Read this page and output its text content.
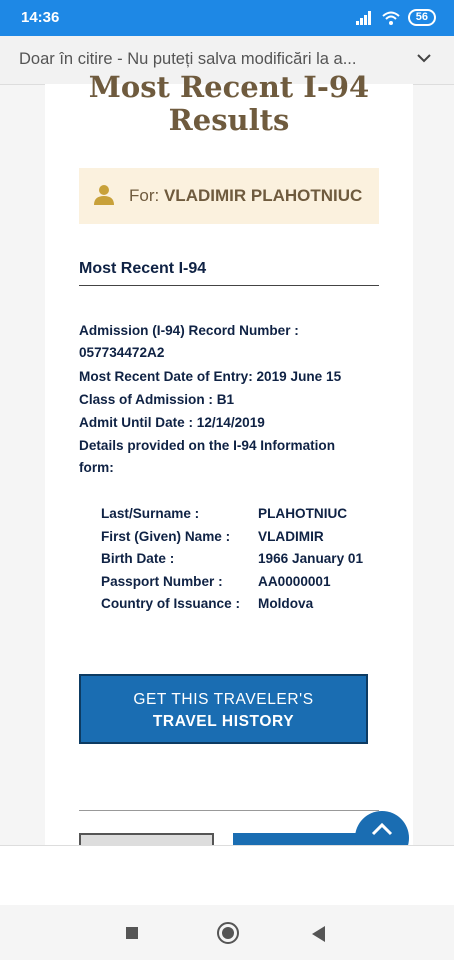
14:36	56
Doar în citire - Nu puteți salva modificări la a...
Most Recent I-94
Results
For: VLADIMIR PLAHOTNIUC
Most Recent I-94
Admission (I-94) Record Number :
057734472A2
Most Recent Date of Entry: 2019 June 15
Class of Admission : B1
Admit Until Date : 12/14/2019
Details provided on the I-94 Information
form:
Last/Surname :	PLAHOTNIUC
First (Given) Name :	VLADIMIR
Birth Date :	1966 January 01
Passport Number :	AA0000001
Country of Issuance :	Moldova
GET THIS TRAVELER'S
TRAVEL HISTORY
